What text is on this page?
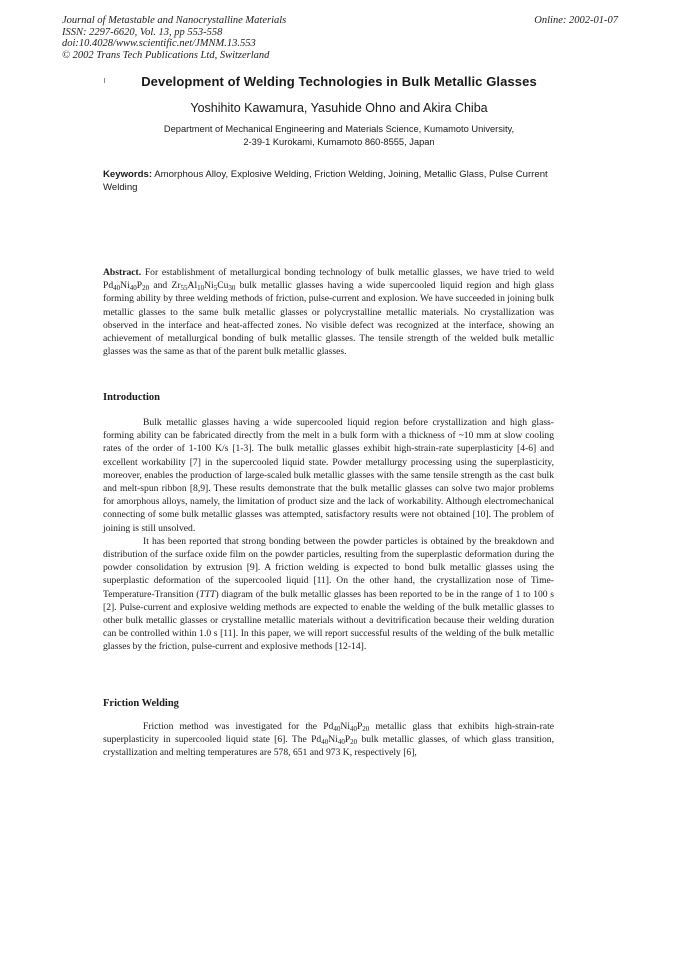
Journal of Metastable and Nanocrystalline Materials
ISSN: 2297-6620, Vol. 13, pp 553-558
doi:10.4028/www.scientific.net/JMNM.13.553
© 2002 Trans Tech Publications Ltd, Switzerland
Online: 2002-01-07
Development of Welding Technologies in Bulk Metallic Glasses
Yoshihito Kawamura, Yasuhide Ohno and Akira Chiba
Department of Mechanical Engineering and Materials Science, Kumamoto University,
2-39-1 Kurokami, Kumamoto 860-8555, Japan
Keywords: Amorphous Alloy, Explosive Welding, Friction Welding, Joining, Metallic Glass, Pulse Current Welding
Abstract. For establishment of metallurgical bonding technology of bulk metallic glasses, we have tried to weld $Pd_{40}Ni_{40}P_{20}$ and $Zr_{55}Al_{10}Ni_5Cu_{30}$ bulk metallic glasses having a wide supercooled liquid region and high glass forming ability by three welding methods of friction, pulse-current and explosion. We have succeeded in joining bulk metallic glasses to the same bulk metallic glasses or polycrystalline metallic materials. No crystallization was observed in the interface and heat-affected zones. No visible defect was recognized at the interface, showing an achievement of metallurgical bonding of bulk metallic glasses. The tensile strength of the welded bulk metallic glasses was the same as that of the parent bulk metallic glasses.
Introduction

Bulk metallic glasses having a wide supercooled liquid region before crystallization and high glass-forming ability can be fabricated directly from the melt in a bulk form with a thickness of ~10 mm at slow cooling rates of the order of 1-100 K/s [1-3]. The bulk metallic glasses exhibit high-strain-rate superplasticity [4-6] and excellent workability [7] in the supercooled liquid state. Powder metallurgy processing using the superplasticity, moreover, enables the production of large-scaled bulk metallic glasses with the same tensile strength as the cast bulk and melt-spun ribbon [8,9]. These results demonstrate that the bulk metallic glasses can solve two major problems for amorphous alloys, namely, the limitation of product size and the lack of workability. Although electromechanical connecting of some bulk metallic glasses was attempted, satisfactory results were not obtained [10]. The problem of joining is still unsolved.

It has been reported that strong bonding between the powder particles is obtained by the breakdown and distribution of the surface oxide film on the powder particles, resulting from the superplastic deformation during the powder consolidation by extrusion [9]. A friction welding is expected to bond bulk metallic glasses using the superplastic deformation of the supercooled liquid [11]. On the other hand, the crystallization nose of Time-Temperature-Transition (TTT) diagram of the bulk metallic glasses has been reported to be in the range of 1 to 100 s [2]. Pulse-current and explosive welding methods are expected to enable the welding of the bulk metallic glasses to other bulk metallic glasses or crystalline metallic materials without a devitrification because their welding duration can be controlled within 1.0 s [11]. In this paper, we will report successful results of the welding of the bulk metallic glasses by the friction, pulse-current and explosive methods [12-14].

Friction Welding

Friction method was investigated for the $Pd_{40}Ni_{40}P_{20}$ metallic glass that exhibits high-strain-rate superplasticity in supercooled liquid state [6]. The $Pd_{40}Ni_{40}P_{20}$ bulk metallic glasses, of which glass transition, crystallization and melting temperatures are 578, 651 and 973 K, respectively [6],
